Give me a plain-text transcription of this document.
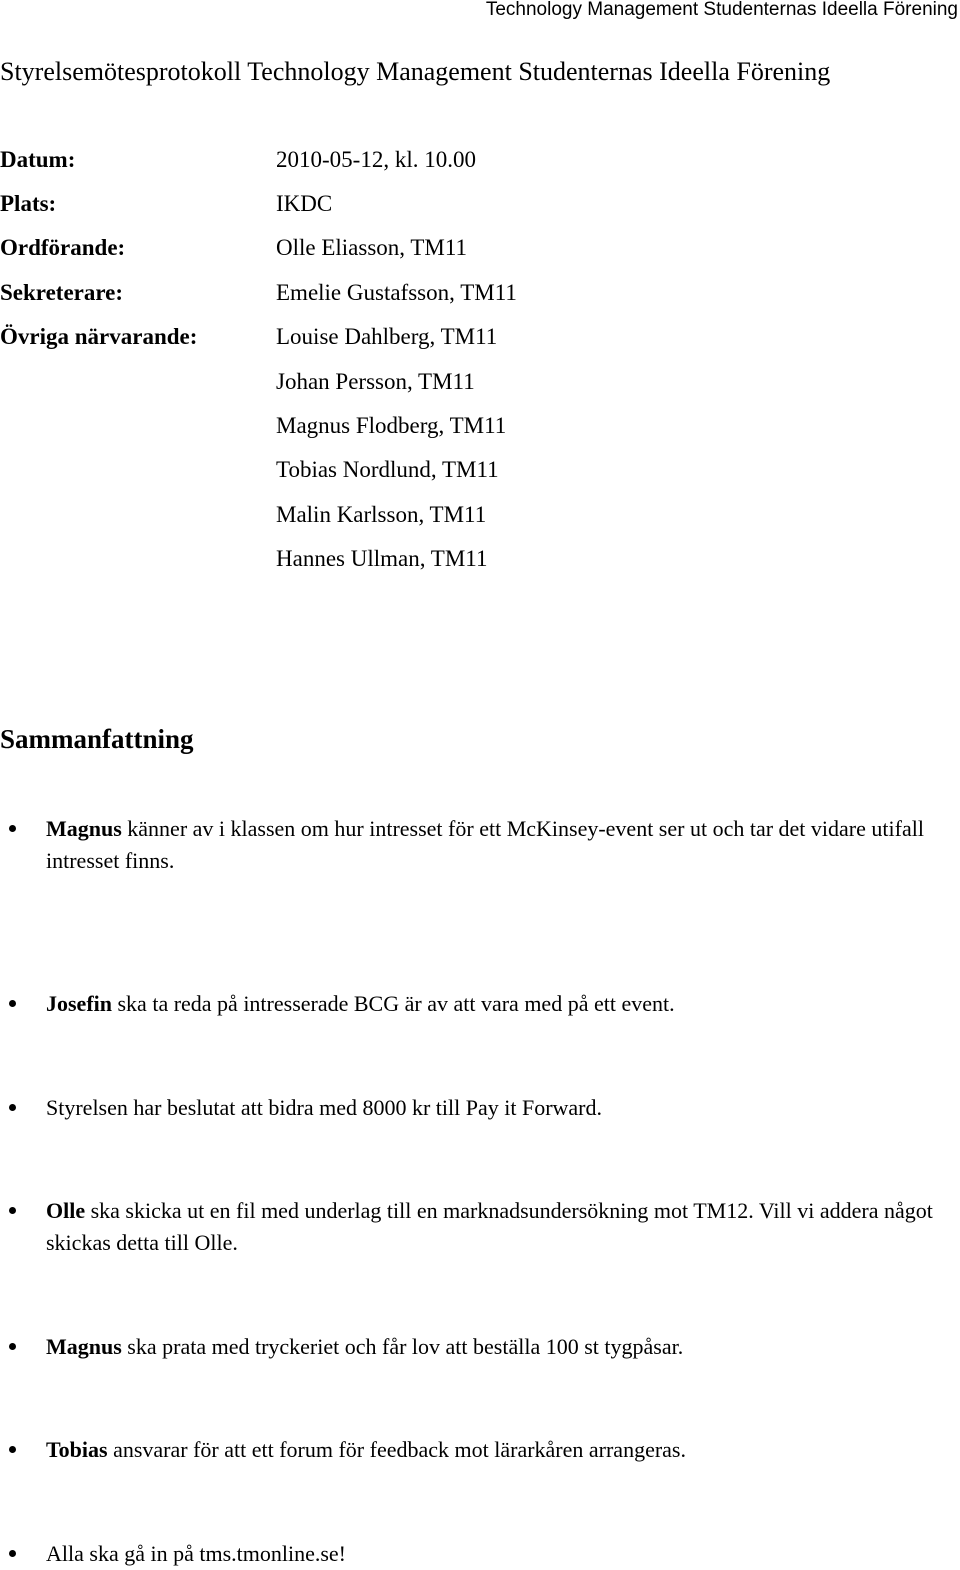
Technology Management Studenternas Ideella Förening
Styrelsemötesprotokoll Technology Management Studenternas Ideella Förening
Datum:	2010-05-12, kl. 10.00
Plats:	IKDC
Ordförande:	Olle Eliasson, TM11
Sekreterare:	Emelie Gustafsson, TM11
Övriga närvarande:	Louise Dahlberg, TM11
Johan Persson, TM11
Magnus Flodberg, TM11
Tobias Nordlund, TM11
Malin Karlsson, TM11
Hannes Ullman, TM11
Sammanfattning
Magnus känner av i klassen om hur intresset för ett McKinsey-event ser ut och tar det vidare utifall intresset finns.
Josefin ska ta reda på intresserade BCG är av att vara med på ett event.
Styrelsen har beslutat att bidra med 8000 kr till Pay it Forward.
Olle ska skicka ut en fil med underlag till en marknadsundersökning mot TM12. Vill vi addera något skickas detta till Olle.
Magnus ska prata med tryckeriet och får lov att beställa 100 st tygpåsar.
Tobias ansvarar för att ett forum för feedback mot lärarkåren arrangeras.
Alla ska gå in på tms.tmonline.se!
